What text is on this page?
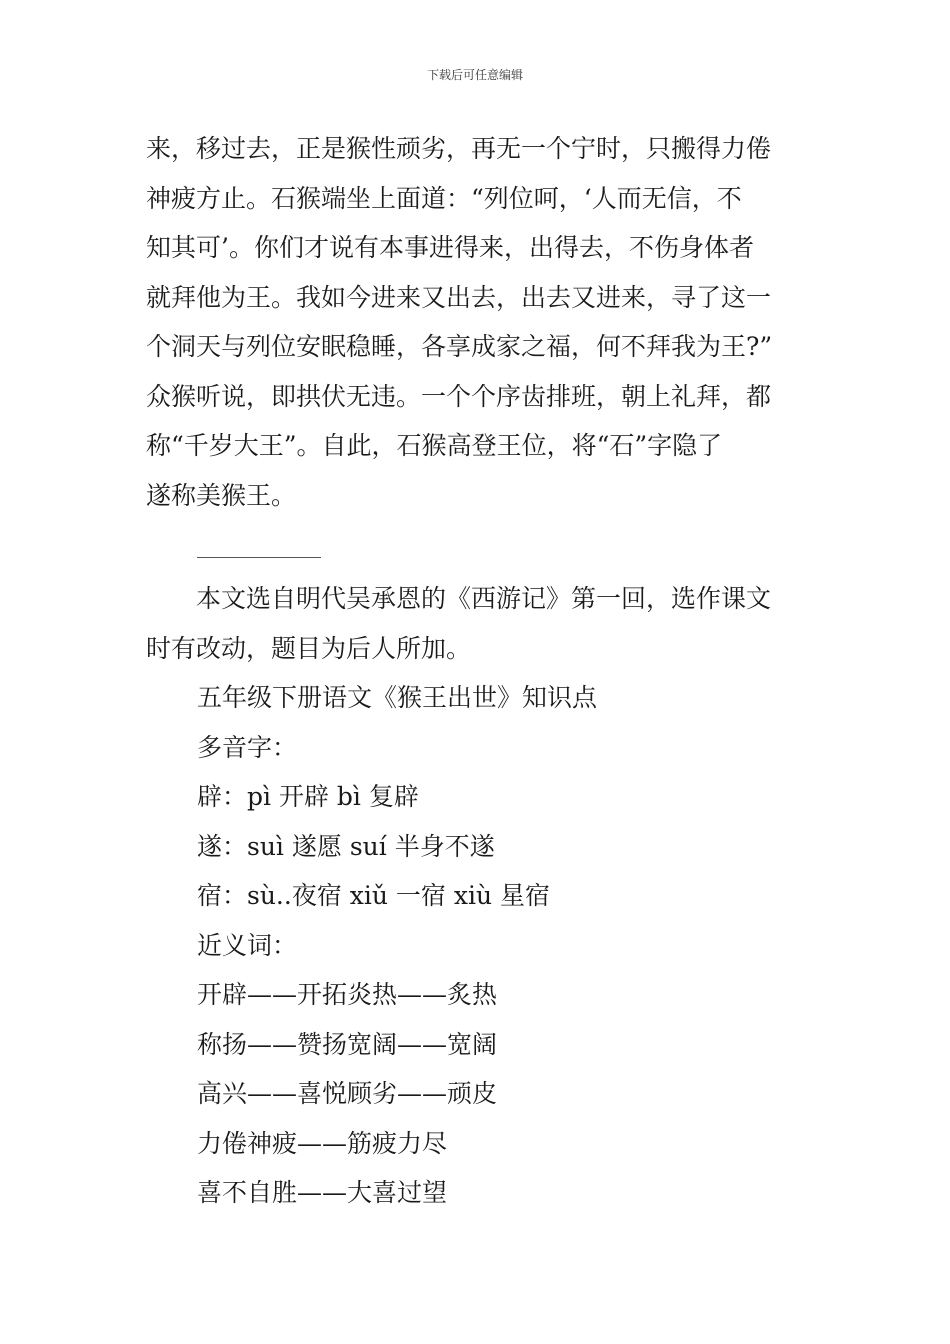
下载后可任意编辑

来，移过去，正是猴性顽劣，再无一个宁时，只搬得力倦

神疲方止。石猴端坐上面道：“列位呵，‘人而无信，不

知其可’。你们才说有本事进得来，出得去，不伤身体者

就拜他为王。我如今进来又出去，出去又进来，寻了这一

个洞天与列位安眠稳睡，各享成家之福，何不拜我为王?”

众猴听说，即拱伏无违。一个个序齿排班，朝上礼拜，都

称“千岁大王”。自此，石猴高登王位，将“石”字隐了

遂称美猴王。

本文选自明代吴承恩的《西游记》第一回，选作课文

时有改动，题目为后人所加。

五年级下册语文《猴王出世》知识点

多音字：

辟：pì 开辟 bì 复辟

遂：suì 遂愿 suí 半身不遂

宿：sù..夜宿 xiǔ 一宿 xiù 星宿

近义词：

开辟——开拓炎热——炙热

称扬——赞扬宽阔——宽阔

高兴——喜悦顾劣——顽皮

力倦神疲——筋疲力尽

喜不自胜——大喜过望
